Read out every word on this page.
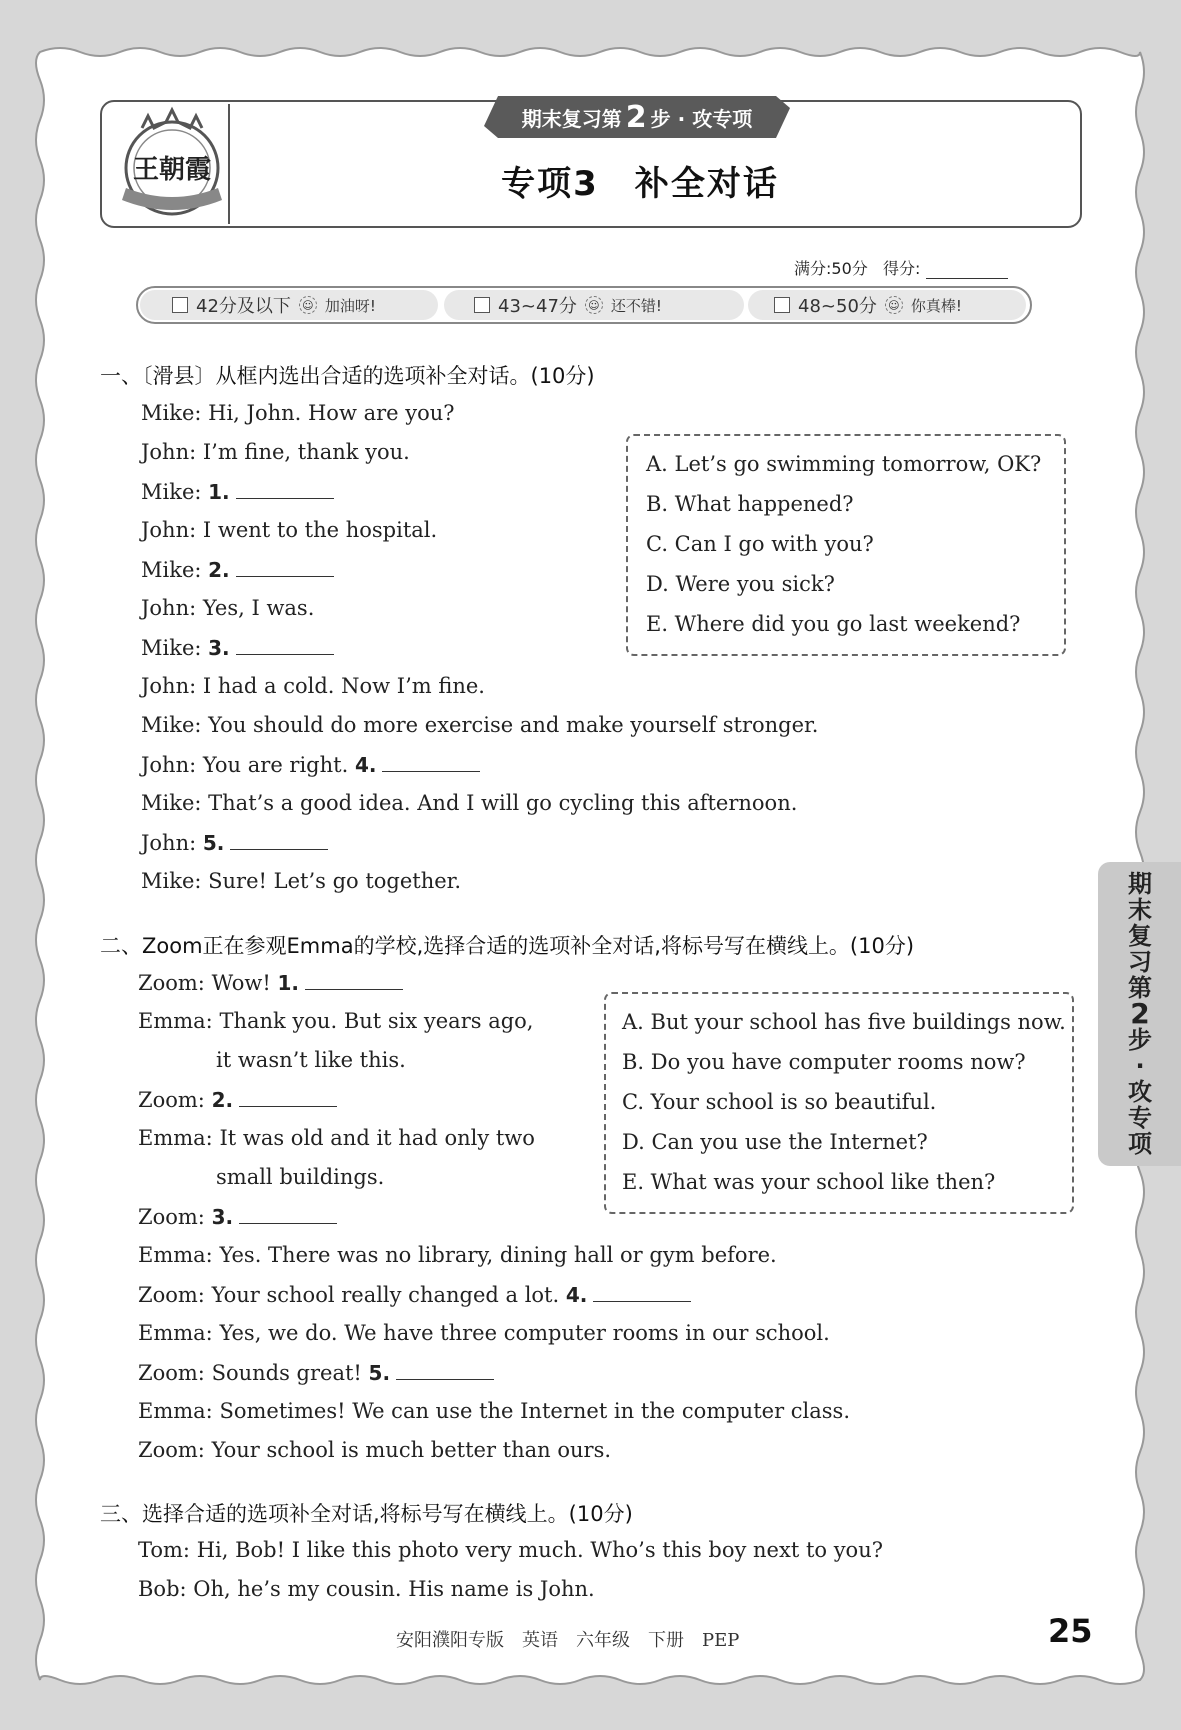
王朝霞
期末复习第 2 步 · 攻专项
专项3　补全对话
满分:50分 得分:
42分及以下 ☺ 加油呀!	43~47分 ☺ 还不错!	48~50分 ☺ 你真棒!
一、〔滑县〕从框内选出合适的选项补全对话。(10分)
Mike: Hi, John. How are you?
John: I’m fine, thank you.
Mike: 1.
John: I went to the hospital.
Mike: 2.
John: Yes, I was.
Mike: 3.
John: I had a cold. Now I’m fine.
Mike: You should do more exercise and make yourself stronger.
John: You are right. 4.
Mike: That’s a good idea. And I will go cycling this afternoon.
John: 5.
Mike: Sure! Let’s go together.
A. Let’s go swimming tomorrow, OK?
B. What happened?
C. Can I go with you?
D. Were you sick?
E. Where did you go last weekend?
二、Zoom正在参观Emma的学校,选择合适的选项补全对话,将标号写在横线上。(10分)
Zoom: Wow! 1.
Emma: Thank you. But six years ago,
it wasn’t like this.
Zoom: 2.
Emma: It was old and it had only two
small buildings.
Zoom: 3.
Emma: Yes. There was no library, dining hall or gym before.
Zoom: Your school really changed a lot. 4.
Emma: Yes, we do. We have three computer rooms in our school.
Zoom: Sounds great! 5.
Emma: Sometimes! We can use the Internet in the computer class.
Zoom: Your school is much better than ours.
A. But your school has five buildings now.
B. Do you have computer rooms now?
C. Your school is so beautiful.
D. Can you use the Internet?
E. What was your school like then?
三、选择合适的选项补全对话,将标号写在横线上。(10分)
Tom: Hi, Bob! I like this photo very much. Who’s this boy next to you?
Bob: Oh, he’s my cousin. His name is John.
期
末
复
习
第
2
步
·
攻
专
项
安阳濮阳专版　英语　六年级　下册　PEP	25
